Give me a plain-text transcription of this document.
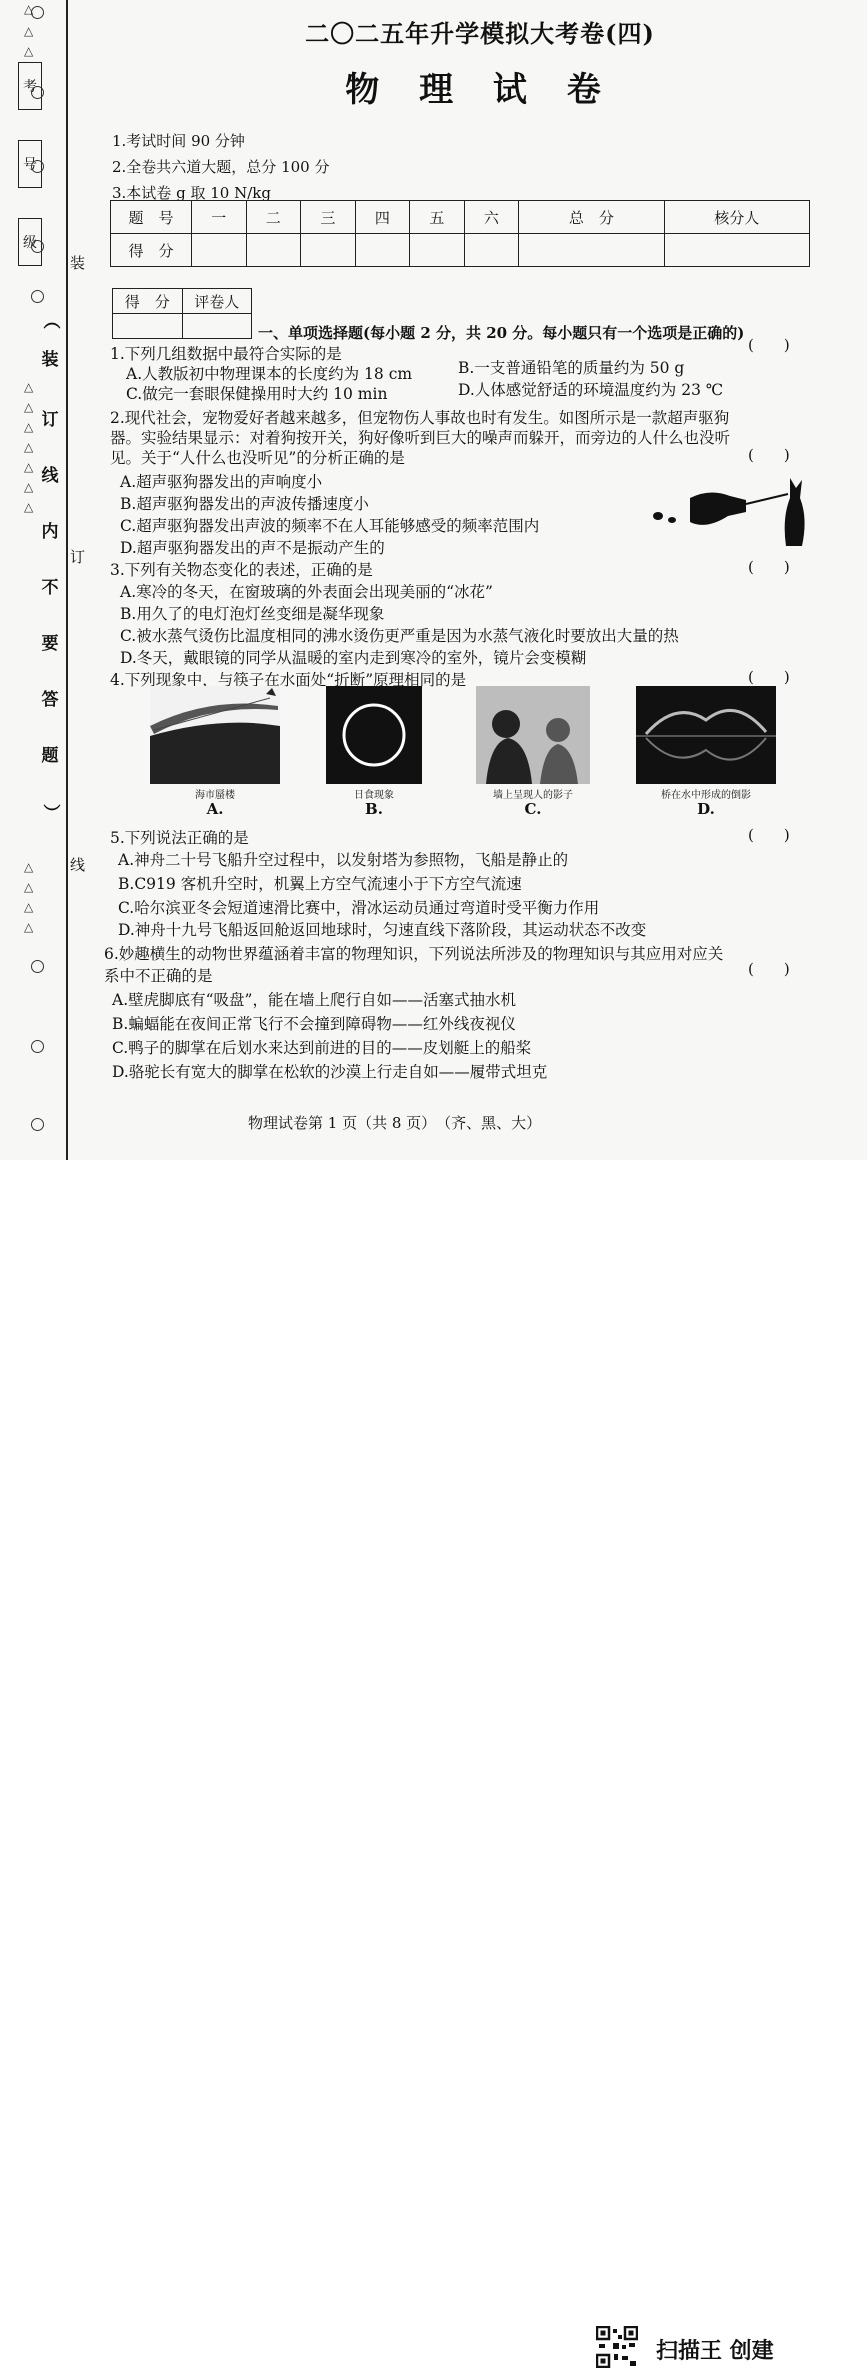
△
△
△
考
号
级
△
△
△
△
△
△
△
△
△
△
△
︵
装
订
线
内
不
要
答
题
︶
装
订
线
二〇二五年升学模拟大考卷(四)
物 理 试 卷
1.考试时间 90 分钟
2.全卷共六道大题，总分 100 分
3.本试卷 g 取 10 N/kg
题　号	一	二	三	四	五	六	总　分	核分人
得　分								
得　分	评卷人

一、单项选择题(每小题 2 分，共 20 分。每小题只有一个选项是正确的)
(　　)
1.下列几组数据中最符合实际的是
A.人教版初中物理课本的长度约为 18 cm	B.一支普通铅笔的质量约为 50 g
C.做完一套眼保健操用时大约 10 min	D.人体感觉舒适的环境温度约为 23 ℃
2.现代社会，宠物爱好者越来越多，但宠物伤人事故也时有发生。如图所示是一款超声驱狗
器。实验结果显示：对着狗按开关，狗好像听到巨大的噪声而躲开，而旁边的人什么也没听
见。关于“人什么也没听见”的分析正确的是	(　　)
A.超声驱狗器发出的声响度小
B.超声驱狗器发出的声波传播速度小
C.超声驱狗器发出声波的频率不在人耳能够感受的频率范围内
D.超声驱狗器发出的声不是振动产生的
3.下列有关物态变化的表述，正确的是	(　　)
A.寒冷的冬天，在窗玻璃的外表面会出现美丽的“冰花”
B.用久了的电灯泡灯丝变细是凝华现象
C.被水蒸气烫伤比温度相同的沸水烫伤更严重是因为水蒸气液化时要放出大量的热
D.冬天，戴眼镜的同学从温暖的室内走到寒冷的室外，镜片会变模糊
4.下列现象中，与筷子在水面处“折断”原理相同的是	(　　)
海市蜃楼	日食现象	墙上呈现人的影子	桥在水中形成的倒影
A.	B.	C.	D.
5.下列说法正确的是	(　　)
A.神舟二十号飞船升空过程中，以发射塔为参照物，飞船是静止的
B.C919 客机升空时，机翼上方空气流速小于下方空气流速
C.哈尔滨亚冬会短道速滑比赛中，滑冰运动员通过弯道时受平衡力作用
D.神舟十九号飞船返回舱返回地球时，匀速直线下落阶段，其运动状态不改变
6.妙趣横生的动物世界蕴涵着丰富的物理知识，下列说法所涉及的物理知识与其应用对应关
系中不正确的是	(　　)
A.壁虎脚底有“吸盘”，能在墙上爬行自如——活塞式抽水机
B.蝙蝠能在夜间正常飞行不会撞到障碍物——红外线夜视仪
C.鸭子的脚掌在后划水来达到前进的目的——皮划艇上的船桨
D.骆驼长有宽大的脚掌在松软的沙漠上行走自如——履带式坦克
物理试卷第 1 页（共 8 页）　（齐、黑、大）
扫描王 创建
